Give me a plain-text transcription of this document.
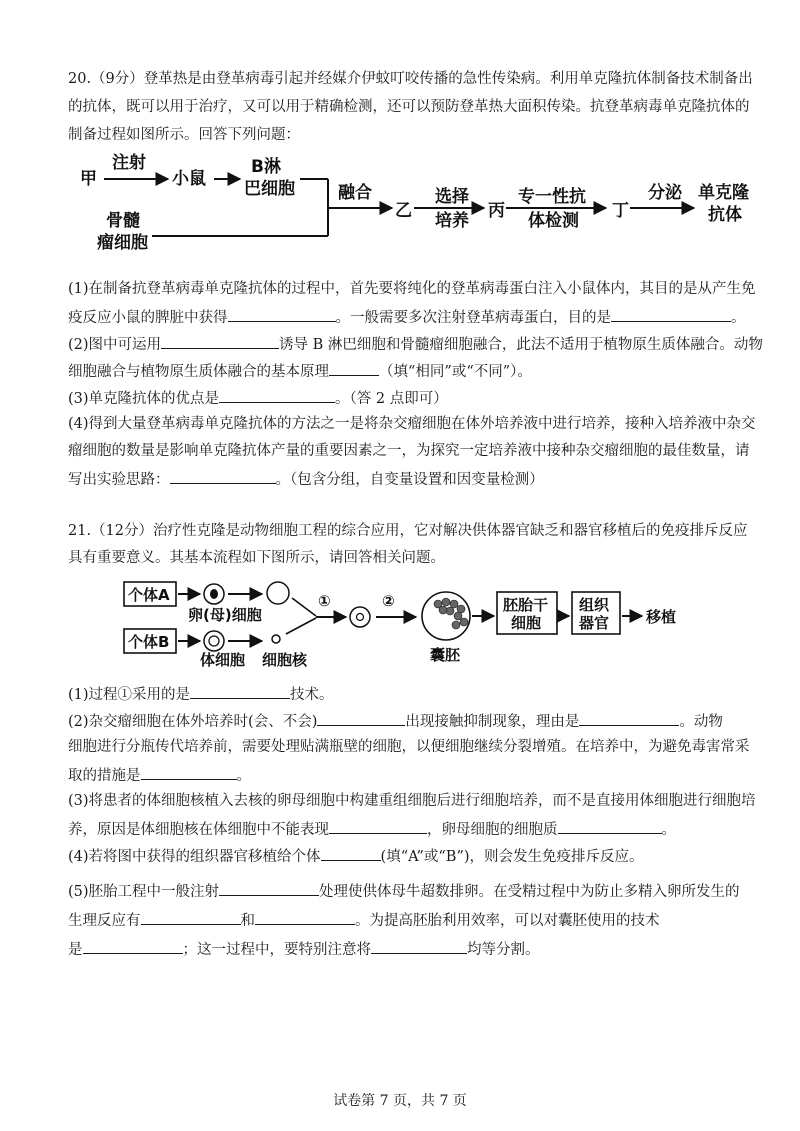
20.（9分）登革热是由登革病毒引起并经媒介伊蚊叮咬传播的急性传染病。利用单克隆抗体制备技术制备出
的抗体，既可以用于治疗，又可以用于精确检测，还可以预防登革热大面积传染。抗登革病毒单克隆抗体的
制备过程如图所示。回答下列问题：
甲
注射
小鼠
B淋
巴细胞
骨髓
瘤细胞
融合
乙
选择
培养 丙
专一性抗
体检测 丁
分泌 单克隆
抗体
(1)在制备抗登革病毒单克隆抗体的过程中，首先要将纯化的登革病毒蛋白注入小鼠体内，其目的是从产生免
疫反应小鼠的脾脏中获得	。一般需要多次注射登革病毒蛋白，目的是	。
(2)图中可运用	诱导 B 淋巴细胞和骨髓瘤细胞融合，此法不适用于植物原生质体融合。动物
细胞融合与植物原生质体融合的基本原理	（填“相同”或“不同”）。
(3)单克隆抗体的优点是	。（答 2 点即可）
(4)得到大量登革病毒单克隆抗体的方法之一是将杂交瘤细胞在体外培养液中进行培养，接种入培养液中杂交
瘤细胞的数量是影响单克隆抗体产量的重要因素之一，为探究一定培养液中接种杂交瘤细胞的最佳数量，请
写出实验思路：	。（包含分组，自变量设置和因变量检测）
21.（12分）治疗性克隆是动物细胞工程的综合应用，它对解决供体器官缺乏和器官移植后的免疫排斥反应
具有重要意义。其基本流程如下图所示，请回答相关问题。
个体A
个体B
①	②
卵(母)细胞
体细胞 细胞核	囊胚
胚胎干
细胞
组织
器官 移植
(1)过程①采用的是	技术。
(2)杂交瘤细胞在体外培养时(会、不会)	出现接触抑制现象，理由是	。动物
细胞进行分瓶传代培养前，需要处理贴满瓶壁的细胞，以便细胞继续分裂增殖。在培养中，为避免毒害常采
取的措施是	。
(3)将患者的体细胞核植入去核的卵母细胞中构建重组细胞后进行细胞培养，而不是直接用体细胞进行细胞培
养，原因是体细胞核在体细胞中不能表现	，卵母细胞的细胞质	。
(4)若将图中获得的组织器官移植给个体	(填“A”或“B”)，则会发生免疫排斥反应。
(5)胚胎工程中一般注射	处理使供体母牛超数排卵。在受精过程中为防止多精入卵所发生的
生理反应有	和	。为提高胚胎利用效率，可以对囊胚使用的技术
是	；这一过程中，要特别注意将	均等分割。
试卷第 7 页，共 7 页
